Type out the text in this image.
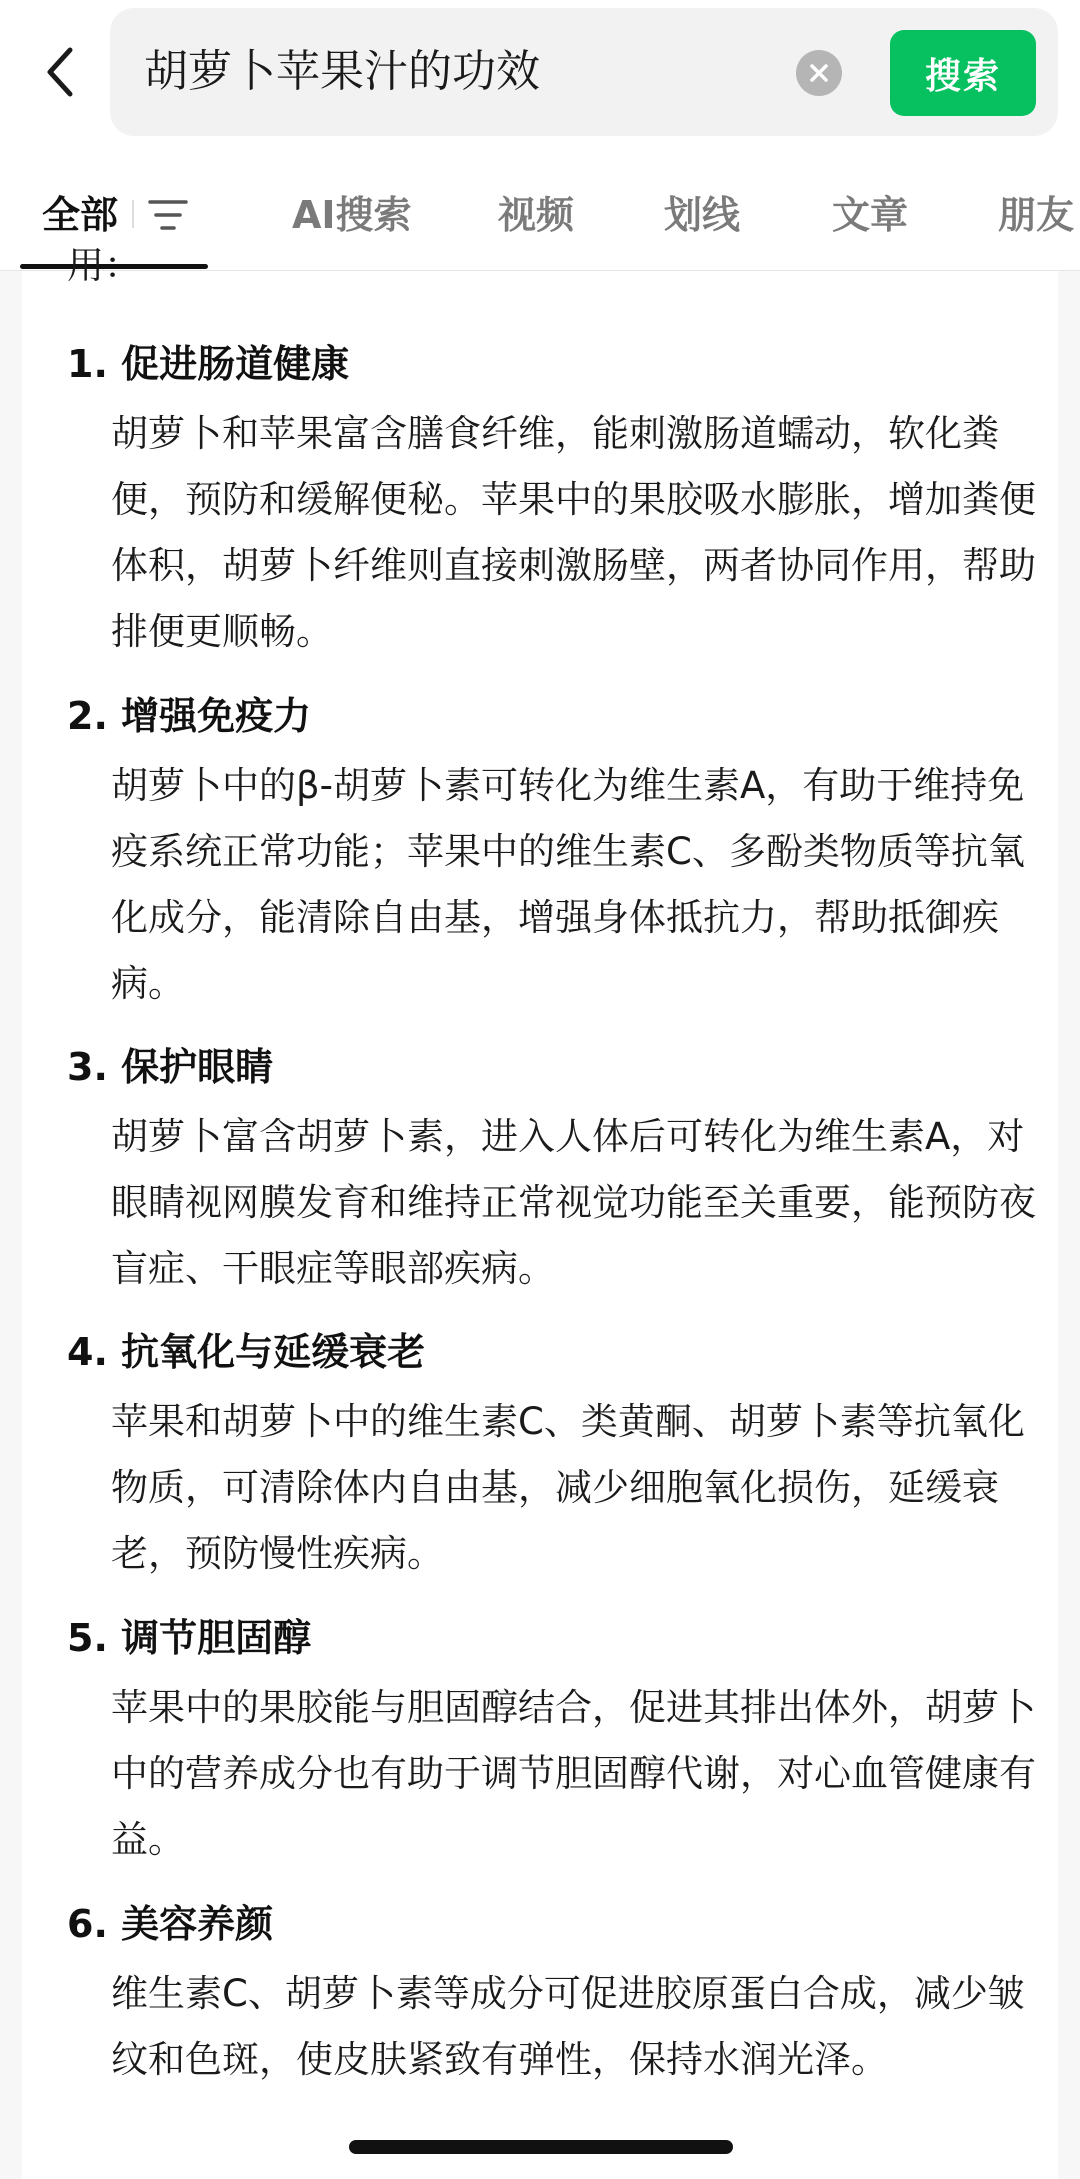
胡萝卜苹果汁的功效	搜索
全部	AI搜索 视频 划线 文章 朋友
用：
1. 促进肠道健康
胡萝卜和苹果富含膳食纤维，能刺激肠道蠕动，软化粪便，预防和缓解便秘。苹果中的果胶吸水膨胀，增加粪便体积，胡萝卜纤维则直接刺激肠壁，两者协同作用，帮助排便更顺畅。
2. 增强免疫力
胡萝卜中的β-胡萝卜素可转化为维生素A，有助于维持免疫系统正常功能；苹果中的维生素C、多酚类物质等抗氧化成分，能清除自由基，增强身体抵抗力，帮助抵御疾病。
3. 保护眼睛
胡萝卜富含胡萝卜素，进入人体后可转化为维生素A，对眼睛视网膜发育和维持正常视觉功能至关重要，能预防夜盲症、干眼症等眼部疾病。
4. 抗氧化与延缓衰老
苹果和胡萝卜中的维生素C、类黄酮、胡萝卜素等抗氧化物质，可清除体内自由基，减少细胞氧化损伤，延缓衰老，预防慢性疾病。
5. 调节胆固醇
苹果中的果胶能与胆固醇结合，促进其排出体外，胡萝卜中的营养成分也有助于调节胆固醇代谢，对心血管健康有益。
6. 美容养颜
维生素C、胡萝卜素等成分可促进胶原蛋白合成，减少皱纹和色斑，使皮肤紧致有弹性，保持水润光泽。
